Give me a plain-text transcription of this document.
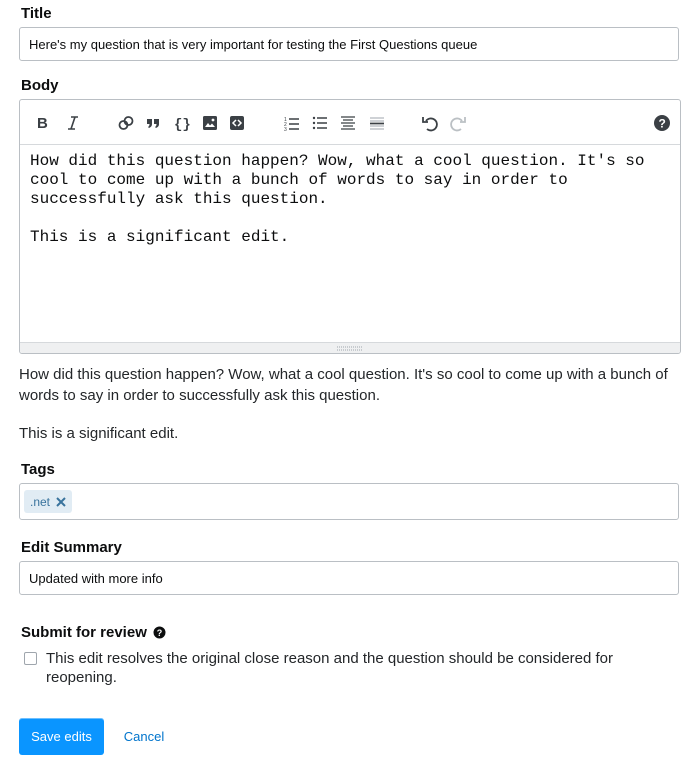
Title
Here's my question that is very important for testing the First Questions queue
Body
B	{}	1
2
3	?
How did this question happen? Wow, what a cool question. It's so cool to come up with a bunch of words to say in order to successfully ask this question.

This is a significant edit.
How did this question happen? Wow, what a cool question. It's so cool to come up with a bunch of words to say in order to successfully ask this question.
This is a significant edit.
Tags
.net
Edit Summary
Updated with more info
Submit for review ?
This edit resolves the original close reason and the question should be considered for reopening.
Save edits	Cancel
